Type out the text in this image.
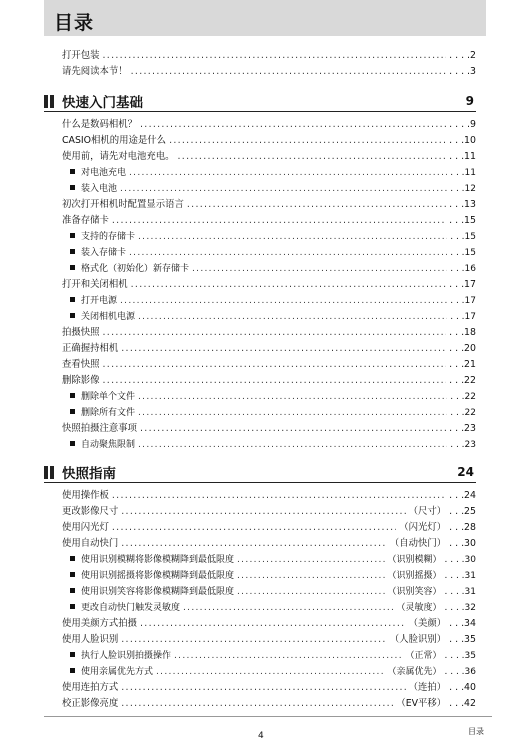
目录
打开包装 .....	. . . .2
请先阅读本节！ .....	. . . .3
快速入门基础	9
什么是数码相机？ .....	. . . .9
CASIO相机的用途是什么 .....	. . .10
使用前，请先对电池充电。 .....	. . .11
对电池充电 .....	. . .11
装入电池 .....	. . .12
初次打开相机时配置显示语言 .....	. . .13
准备存储卡 .....	. . .15
支持的存储卡 .....	. . .15
装入存储卡 .....	. . .15
格式化（初始化）新存储卡 .....	. . .16
打开和关闭相机 .....	. . .17
打开电源 .....	. . .17
关闭相机电源 .....	. . .17
拍摄快照 .....	. . .18
正确握持相机 .....	. . .20
查看快照 .....	. . .21
删除影像 .....	. . .22
删除单个文件 .....	. . .22
删除所有文件 .....	. . .22
快照拍摄注意事项 .....	. . .23
自动聚焦限制 .....	. . .23
快照指南	24
使用操作板 .....	. . .24
更改影像尺寸 .....	（尺寸） . . .25
使用闪光灯 .....	（闪光灯） . . .28
使用自动快门 .....	（自动快门） . . .30
使用识别模糊将影像模糊降到最低限度 .....	（识别模糊） . . . .30
使用识别摇摄将影像模糊降到最低限度 .....	（识别摇摄） . . . .31
使用识别笑容将影像模糊降到最低限度 .....	（识别笑容） . . . .31
更改自动快门触发灵敏度 .....	（灵敏度） . . . .32
使用美颜方式拍摄 .....	（美颜） . . .34
使用人脸识别 .....	（人脸识别） . . .35
执行人脸识别拍摄操作 .....	（正常） . . . .35
使用亲属优先方式 .....	（亲属优先） . . . .36
使用连拍方式 .....	（连拍） . . .40
校正影像亮度 .....	（EV平移） . . .42
4	目录
